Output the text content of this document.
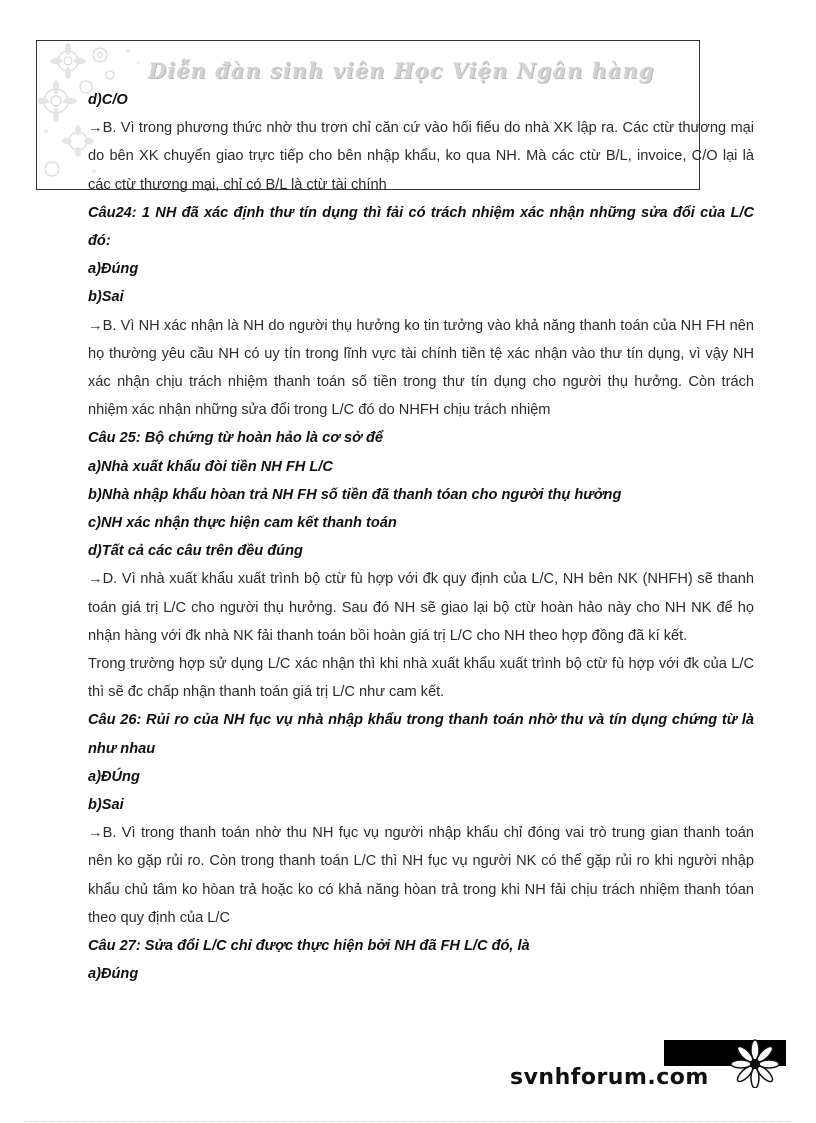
Diễn đàn sinh viên Học Viện Ngân hàng

d)C/O

→B. Vì trong phương thức nhờ thu trơn chỉ căn cứ vào hối fiếu do nhà XK lập ra. Các ctừ thương mại do bên XK chuyển giao trực tiếp cho bên nhập khẩu, ko qua NH. Mà các ctừ B/L, invoice, C/O lại là các ctừ thương mại, chỉ có B/L là ctừ tài chính

Câu24: 1 NH đã xác định thư tín dụng thì fải có trách nhiệm xác nhận những sửa đổi của L/C đó:

a)Đúng

b)Sai

→B. Vì NH xác nhận là NH do người thụ hưởng ko tin tưởng vào khả năng thanh toán của NH FH nên họ thường yêu cầu NH có uy tín trong lĩnh vực tài chính tiền tệ xác nhận vào thư tín dụng, vì vậy NH xác nhận chịu trách nhiệm thanh toán số tiền trong thư tín dụng cho người thụ hưởng. Còn trách nhiệm xác nhận những sửa đổi trong L/C đó do NHFH chịu trách nhiệm

Câu 25: Bộ chứng từ hoàn hảo là cơ sở để

a)Nhà xuất khẩu đòi tiền NH FH L/C

b)Nhà nhập khẩu hòan trả NH FH số tiền đã thanh tóan cho người thụ hưởng

c)NH xác nhận thực hiện cam kết thanh toán

d)Tất cả các câu trên đều đúng

→D. Vì nhà xuất khẩu xuất trình bộ ctừ fù hợp với đk quy định của L/C, NH bên NK (NHFH) sẽ thanh toán giá trị L/C cho người thụ hưởng. Sau đó NH sẽ giao lại bộ ctừ hoàn hảo này cho NH NK để họ nhận hàng với đk nhà NK fải thanh toán bồi hoàn giá trị L/C cho NH theo hợp đồng đã kí kết.

Trong trường hợp sử dụng L/C xác nhận thì khi nhà xuất khẩu xuất trình bộ ctừ fù hợp với đk của L/C thì sẽ đc chấp nhận thanh toán giá trị L/C như cam kết.

Câu 26: Rủi ro của NH fục vụ nhà nhập khẩu trong thanh toán nhờ thu và tín dụng chứng từ là như nhau

a)ĐÚng

b)Sai

→B. Vì trong thanh toán nhờ thu NH fục vụ người nhập khẩu chỉ đóng vai trò trung gian thanh toán nên ko gặp rủi ro. Còn trong thanh toán L/C thì NH fục vụ người NK có thể gặp rủi ro khi người nhập khẩu chủ tâm ko hòan trả hoặc ko có khả năng hòan trả trong khi NH fải chịu trách nhiệm thanh tóan theo quy định của L/C

Câu 27: Sửa đổi L/C chỉ được thực hiện bởi NH đã FH L/C đó, là

a)Đúng

svnhforum.com
